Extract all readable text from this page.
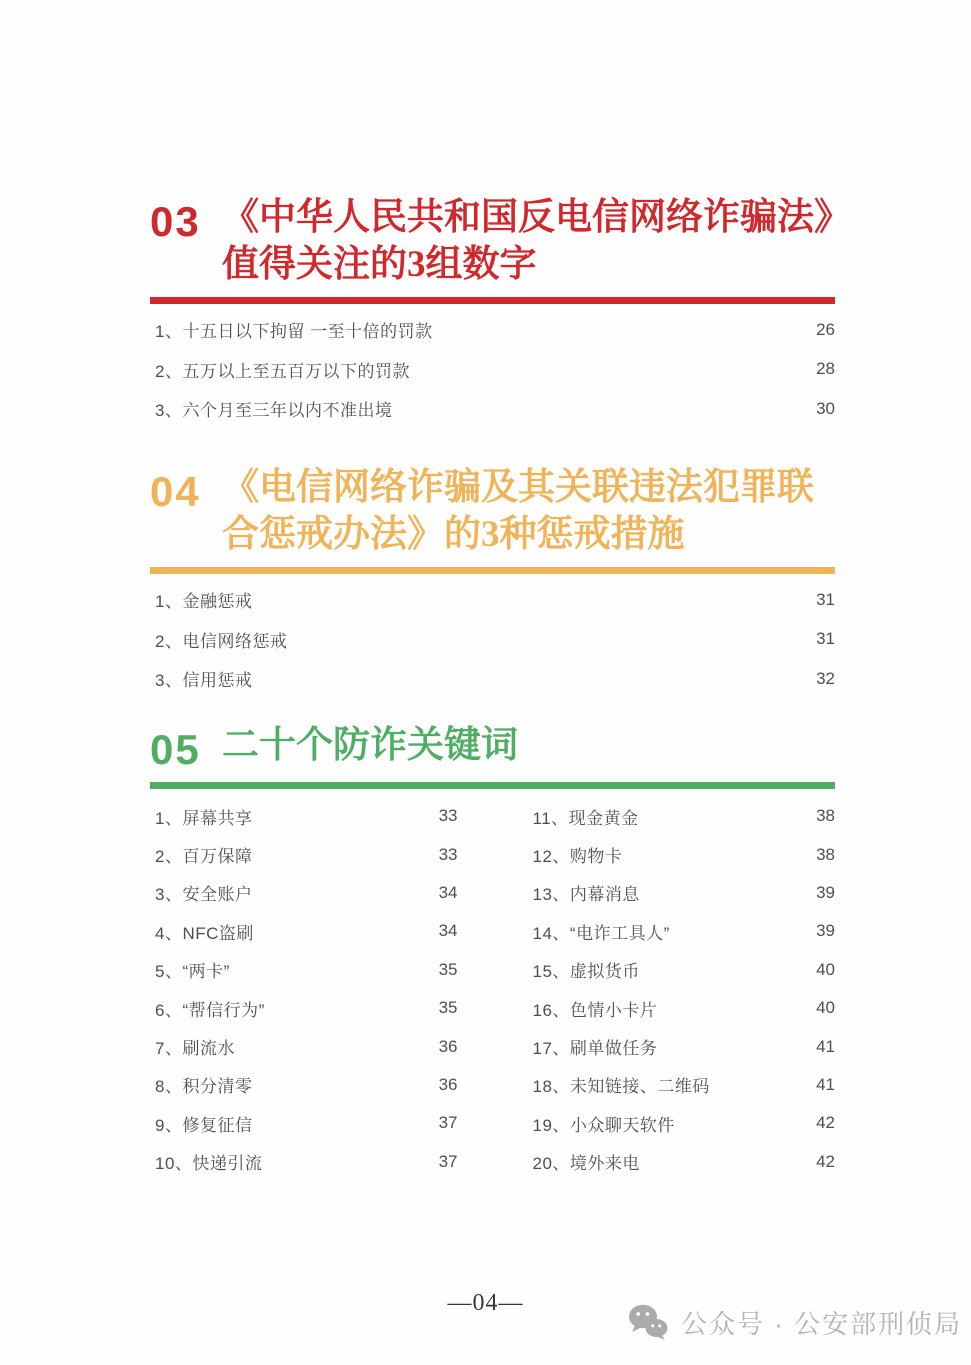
03 《中华人民共和国反电信网络诈骗法》
值得关注的3组数字
1、十五日以下拘留 一至十倍的罚款	26
2、五万以上至五百万以下的罚款	28
3、六个月至三年以内不准出境	30
04 《电信网络诈骗及其关联违法犯罪联
合惩戒办法》的3种惩戒措施
1、金融惩戒	31
2、电信网络惩戒	31
3、信用惩戒	32
05 二十个防诈关键词
1、屏幕共享	33
2、百万保障	33
3、安全账户	34
4、NFC盗刷	34
5、“两卡”	35
6、“帮信行为”	35
7、刷流水	36
8、积分清零	36
9、修复征信	37
10、快递引流	37
11、现金黄金	38
12、购物卡	38
13、内幕消息	39
14、“电诈工具人”	39
15、虚拟货币	40
16、色情小卡片	40
17、刷单做任务	41
18、未知链接、二维码	41
19、小众聊天软件	42
20、境外来电	42
—04—
公众号 · 公安部刑侦局
